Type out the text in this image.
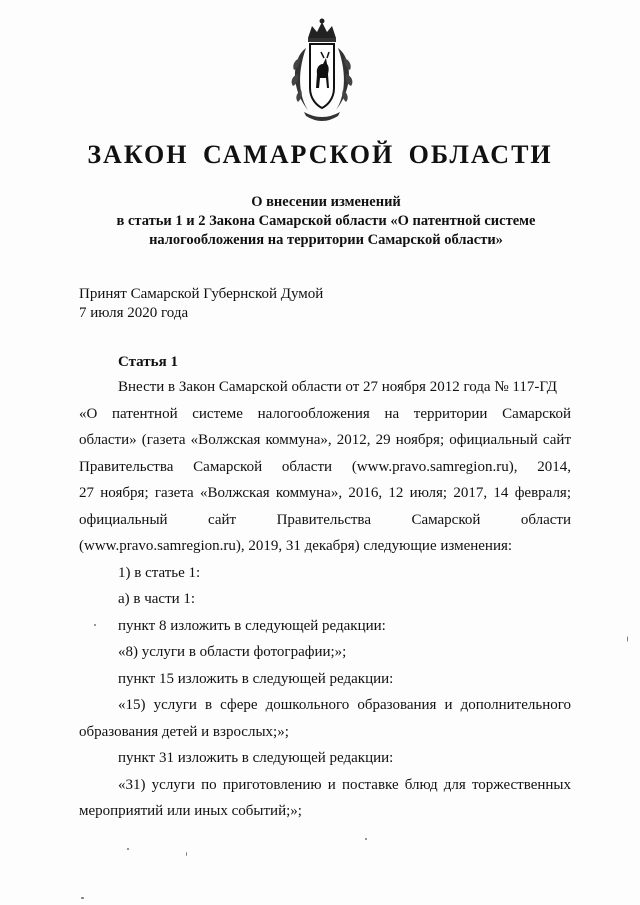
ЗАКОН САМАРСКОЙ ОБЛАСТИ
О внесении изменений
в статьи 1 и 2 Закона Самарской области «О патентной системе
налогообложения на территории Самарской области»
Принят Самарской Губернской Думой
7 июля 2020 года
Статья 1
Внести в Закон Самарской области от 27 ноября 2012 года № 117-ГД
«О патентной системе налогообложения на территории Самарской
области» (газета «Волжская коммуна», 2012, 29 ноября; официальный сайт
Правительства Самарской области (www.pravo.samregion.ru), 2014,
27 ноября; газета «Волжская коммуна», 2016, 12 июля; 2017, 14 февраля;
официальный сайт Правительства Самарской области
(www.pravo.samregion.ru), 2019, 31 декабря) следующие изменения:
1) в статье 1:
а) в части 1:
пункт 8 изложить в следующей редакции:
«8) услуги в области фотографии;»;
пункт 15 изложить в следующей редакции:
«15) услуги в сфере дошкольного образования и дополнительного
образования детей и взрослых;»;
пункт 31 изложить в следующей редакции:
«31) услуги по приготовлению и поставке блюд для торжественных
мероприятий или иных событий;»;
